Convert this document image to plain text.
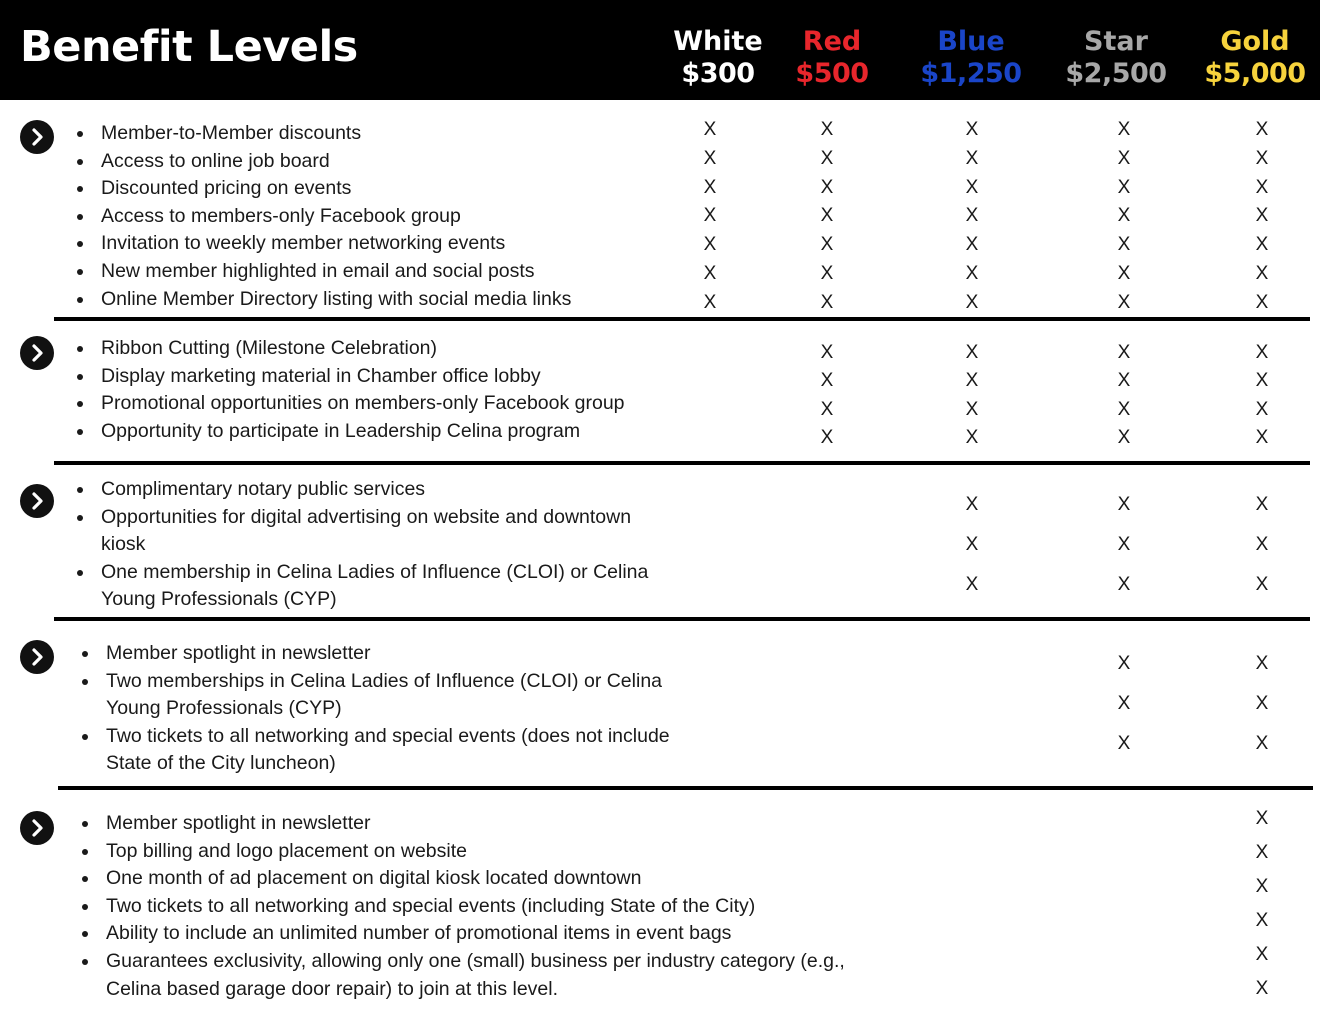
Benefit Levels	White
$300
Red
$500
Blue
$1,250
Star
$2,500
Gold
$5,000
Member-to-Member discounts
Access to online job board
Discounted pricing on events
Access to members-only Facebook group
Invitation to weekly member networking events
New member highlighted in email and social posts
Online Member Directory listing with social media links
X
X
X
X
X
X
X
X
X
X
X
X
X
X
X
X
X
X
X
X
X
X
X
X
X
X
X
X
X
X
X
X
X
X
X
Ribbon Cutting (Milestone Celebration)
Display marketing material in Chamber office lobby
Promotional opportunities on members-only Facebook group
Opportunity to participate in Leadership Celina program
X
X
X
X
X
X
X
X
X
X
X
X
X
X
X
X
Complimentary notary public services
Opportunities for digital advertising on website and downtown kiosk
One membership in Celina Ladies of Influence (CLOI) or Celina Young Professionals (CYP)
X
X
X
X
X
X
X
X
X
Member spotlight in newsletter
Two memberships in Celina Ladies of Influence (CLOI) or Celina Young Professionals (CYP)
Two tickets to all networking and special events (does not include State of the City luncheon)
X
X
X
X
X
X
Member spotlight in newsletter
Top billing and logo placement on website
One month of ad placement on digital kiosk located downtown
Two tickets to all networking and special events (including State of the City)
Ability to include an unlimited number of promotional items in event bags
Guarantees exclusivity, allowing only one (small) business per industry category (e.g., Celina based garage door repair) to join at this level.
X
X
X
X
X
X
